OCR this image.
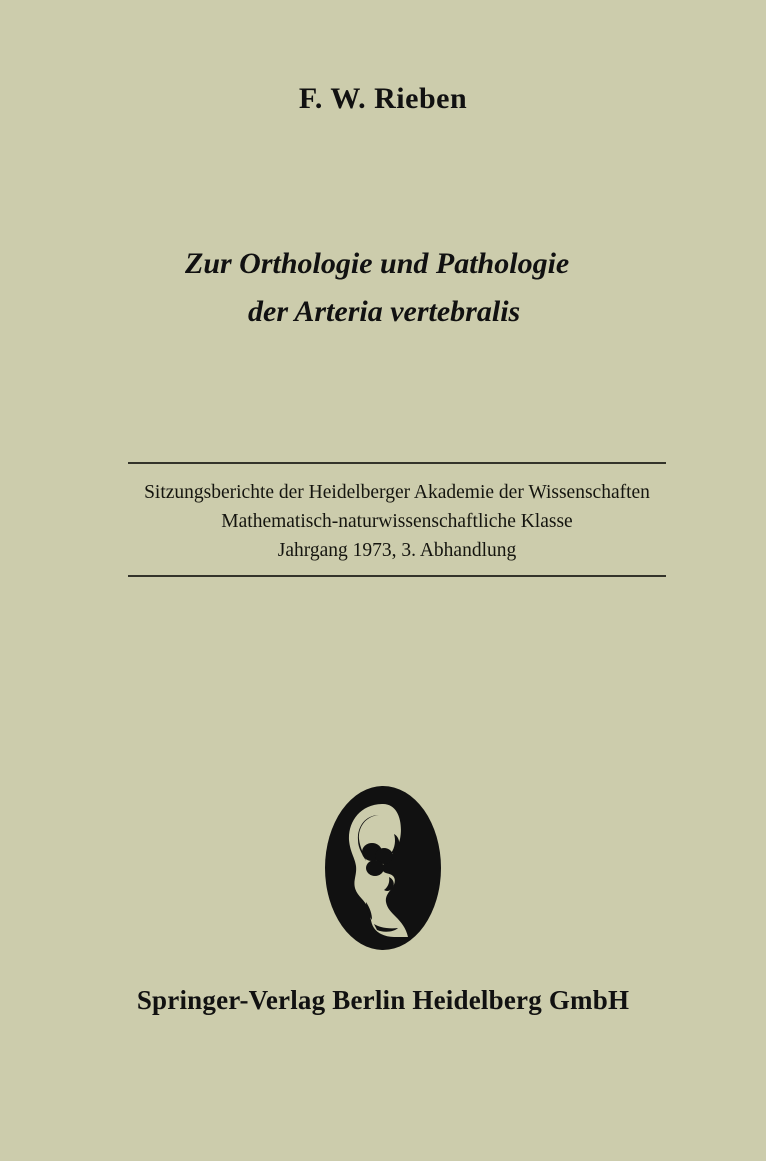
F. W. Rieben
Zur Orthologie und Pathologie
der Arteria vertebralis
Sitzungsberichte der Heidelberger Akademie der Wissenschaften
Mathematisch-naturwissenschaftliche Klasse
Jahrgang 1973, 3. Abhandlung
Springer-Verlag Berlin Heidelberg GmbH
